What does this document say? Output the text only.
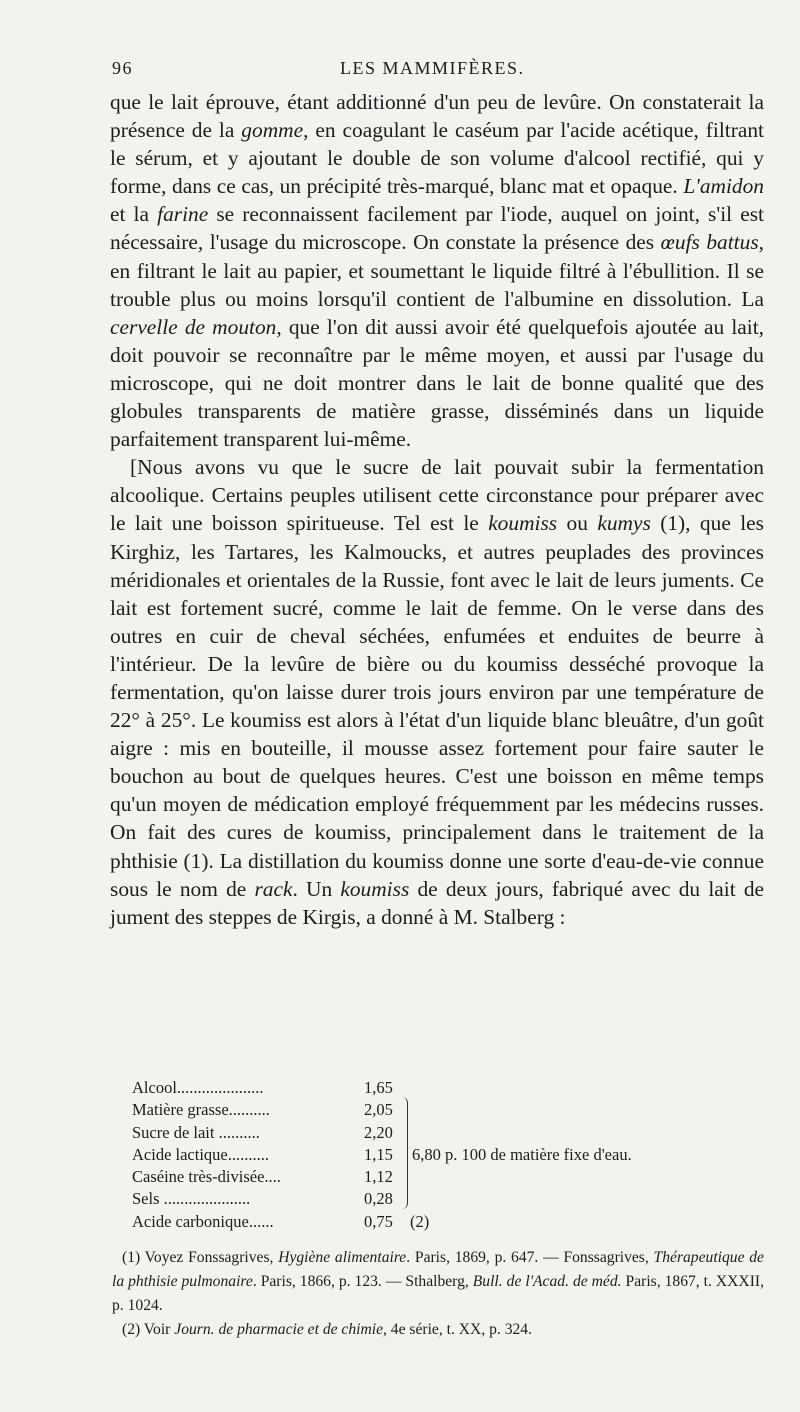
96	LES MAMMIFÈRES.

que le lait éprouve, étant additionné d'un peu de levûre. On constaterait la présence de la gomme, en coagulant le caséum par l'acide acétique, filtrant le sérum, et y ajoutant le double de son volume d'alcool rectifié, qui y forme, dans ce cas, un précipité très-marqué, blanc mat et opaque. L'amidon et la farine se reconnaissent facilement par l'iode, auquel on joint, s'il est nécessaire, l'usage du microscope. On constate la présence des œufs battus, en filtrant le lait au papier, et soumettant le liquide filtré à l'ébullition. Il se trouble plus ou moins lorsqu'il contient de l'albumine en dissolution. La cervelle de mouton, que l'on dit aussi avoir été quelquefois ajoutée au lait, doit pouvoir se reconnaître par le même moyen, et aussi par l'usage du microscope, qui ne doit montrer dans le lait de bonne qualité que des globules transparents de matière grasse, disséminés dans un liquide parfaitement transparent lui-même.

[Nous avons vu que le sucre de lait pouvait subir la fermentation alcoolique. Certains peuples utilisent cette circonstance pour préparer avec le lait une boisson spiritueuse. Tel est le koumiss ou kumys (1), que les Kirghiz, les Tartares, les Kalmoucks, et autres peuplades des provinces méridionales et orientales de la Russie, font avec le lait de leurs juments. Ce lait est fortement sucré, comme le lait de femme. On le verse dans des outres en cuir de cheval séchées, enfumées et enduites de beurre à l'intérieur. De la levûre de bière ou du koumiss desséché provoque la fermentation, qu'on laisse durer trois jours environ par une température de 22° à 25°. Le koumiss est alors à l'état d'un liquide blanc bleuâtre, d'un goût aigre : mis en bouteille, il mousse assez fortement pour faire sauter le bouchon au bout de quelques heures. C'est une boisson en même temps qu'un moyen de médication employé fréquemment par les médecins russes. On fait des cures de koumiss, principalement dans le traitement de la phthisie (1). La distillation du koumiss donne une sorte d'eau-de-vie connue sous le nom de rack. Un koumiss de deux jours, fabriqué avec du lait de jument des steppes de Kirgis, a donné à M. Stalberg :

Alcool.....................	1,65
Matière grasse..........	2,05
Sucre de lait ..........	2,20
Acide lactique..........	1,15
Caséine très-divisée....	1,12
Sels .....................	0,28
Acide carbonique......	0,75 (2)
6,80 p. 100 de matière fixe d'eau.

(1) Voyez Fonssagrives, Hygiène alimentaire. Paris, 1869, p. 647. — Fonssagrives, Thérapeutique de la phthisie pulmonaire. Paris, 1866, p. 123. — Sthalberg, Bull. de l'Acad. de méd. Paris, 1867, t. XXXII, p. 1024.

(2) Voir Journ. de pharmacie et de chimie, 4e série, t. XX, p. 324.
